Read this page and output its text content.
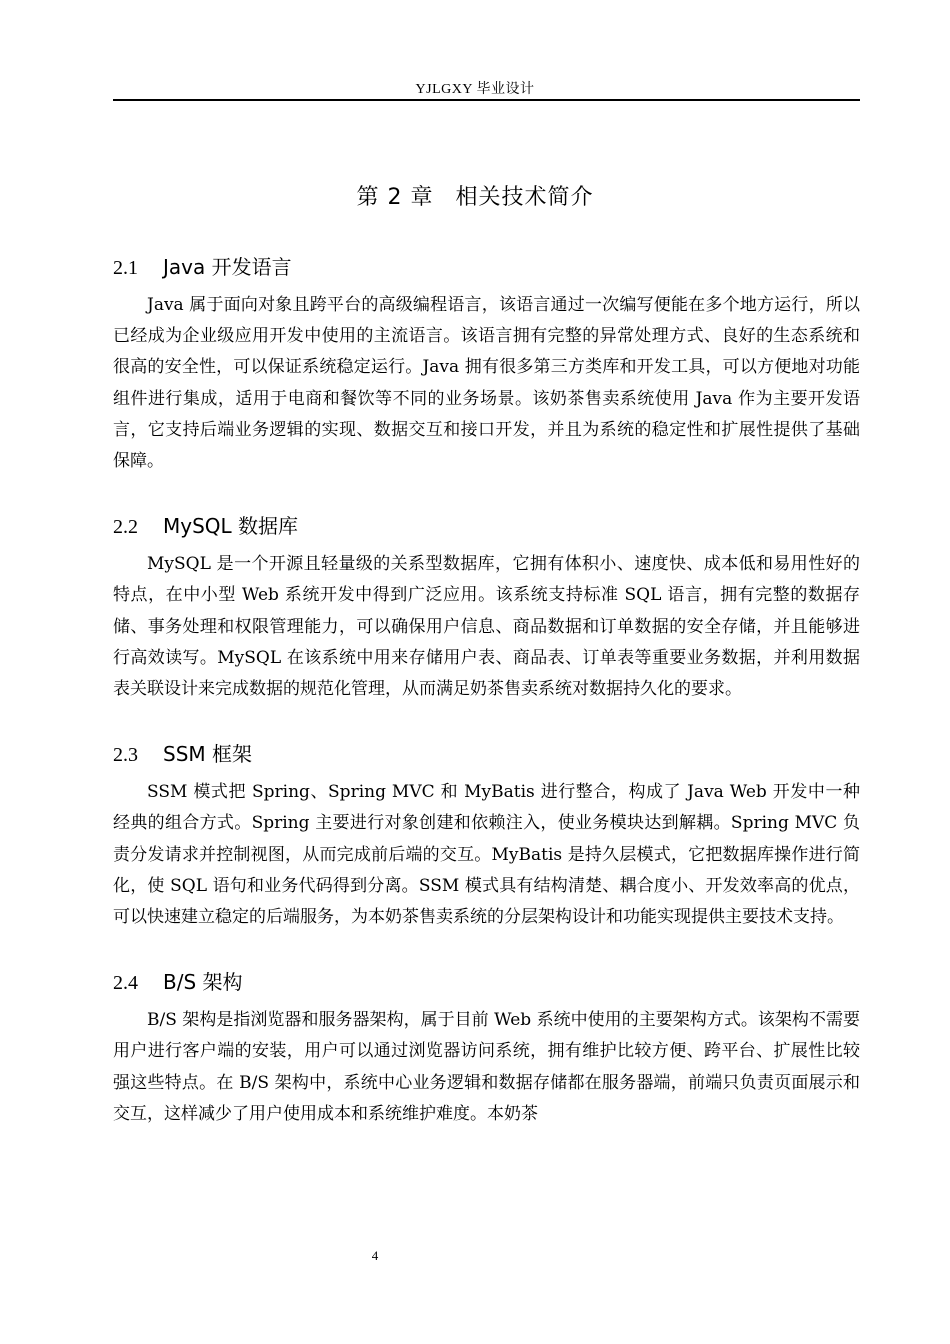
YJLGXY 毕业设计
第 2 章 相关技术简介
2.1 Java 开发语言

Java 属于面向对象且跨平台的高级编程语言，该语言通过一次编写便能在多个地方运行，所以已经成为企业级应用开发中使用的主流语言。该语言拥有完整的异常处理方式、良好的生态系统和很高的安全性，可以保证系统稳定运行。Java 拥有很多第三方类库和开发工具，可以方便地对功能组件进行集成，适用于电商和餐饮等不同的业务场景。该奶茶售卖系统使用 Java 作为主要开发语言，它支持后端业务逻辑的实现、数据交互和接口开发，并且为系统的稳定性和扩展性提供了基础保障。

2.2 MySQL 数据库

MySQL 是一个开源且轻量级的关系型数据库，它拥有体积小、速度快、成本低和易用性好的特点，在中小型 Web 系统开发中得到广泛应用。该系统支持标准 SQL 语言，拥有完整的数据存储、事务处理和权限管理能力，可以确保用户信息、商品数据和订单数据的安全存储，并且能够进行高效读写。MySQL 在该系统中用来存储用户表、商品表、订单表等重要业务数据，并利用数据表关联设计来完成数据的规范化管理，从而满足奶茶售卖系统对数据持久化的要求。

2.3 SSM 框架

SSM 模式把 Spring、Spring MVC 和 MyBatis 进行整合，构成了 Java Web 开发中一种经典的组合方式。Spring 主要进行对象创建和依赖注入，使业务模块达到解耦。Spring MVC 负责分发请求并控制视图，从而完成前后端的交互。MyBatis 是持久层模式，它把数据库操作进行简化，使 SQL 语句和业务代码得到分离。SSM 模式具有结构清楚、耦合度小、开发效率高的优点，可以快速建立稳定的后端服务，为本奶茶售卖系统的分层架构设计和功能实现提供主要技术支持。

2.4 B/S 架构

B/S 架构是指浏览器和服务器架构，属于目前 Web 系统中使用的主要架构方式。该架构不需要用户进行客户端的安装，用户可以通过浏览器访问系统，拥有维护比较方便、跨平台、扩展性比较强这些特点。在 B/S 架构中，系统中心业务逻辑和数据存储都在服务器端，前端只负责页面展示和交互，这样减少了用户使用成本和系统维护难度。本奶茶

4
